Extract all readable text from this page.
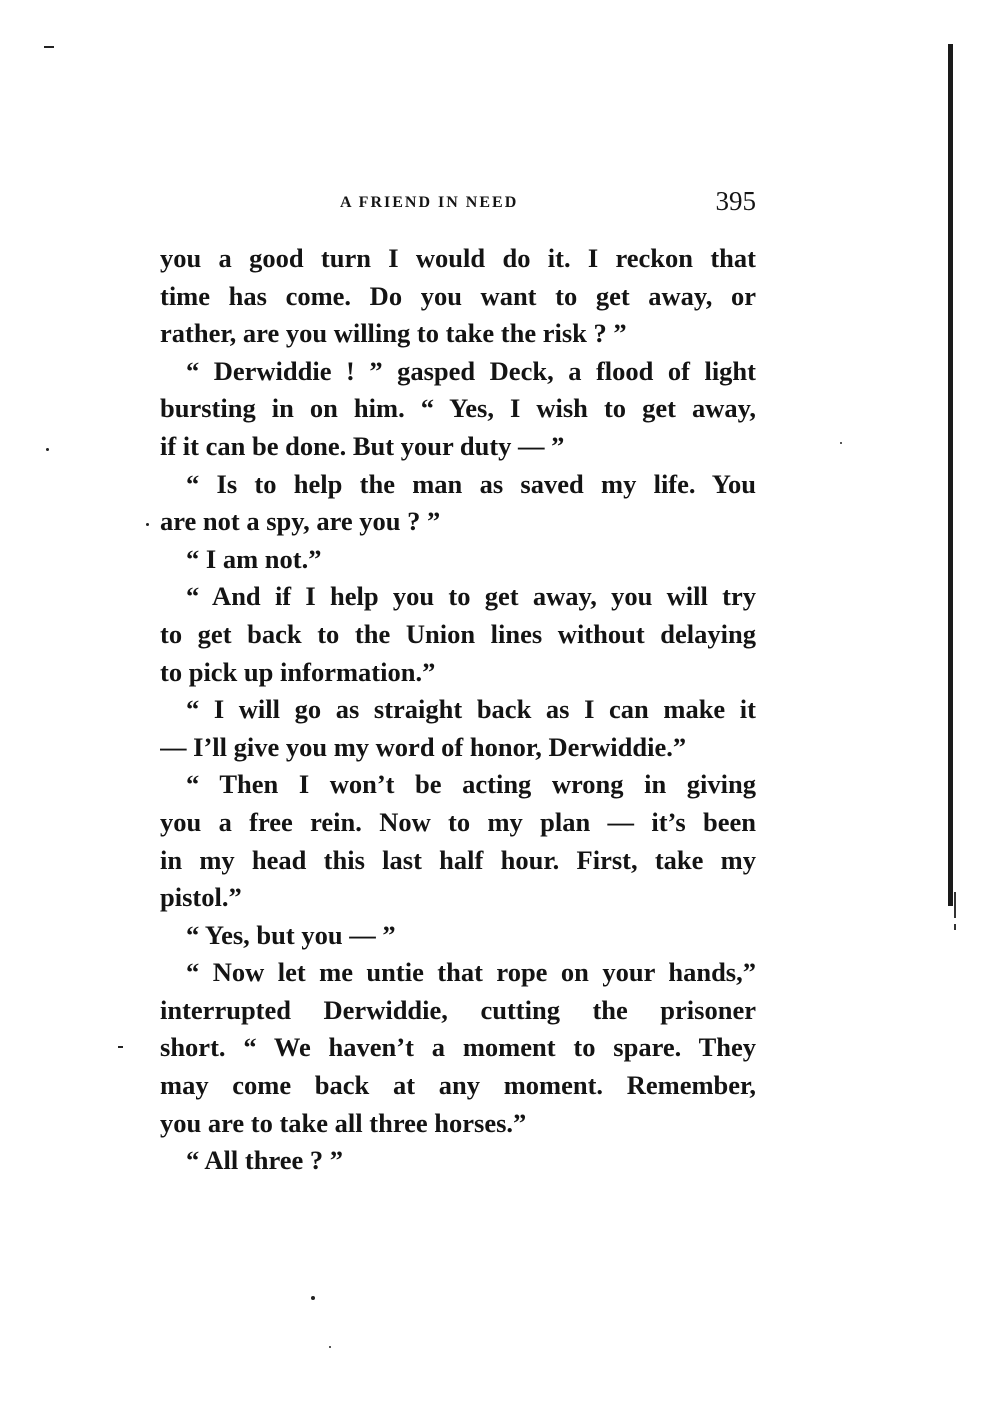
A FRIEND IN NEED	395
you a good turn I would do it. I reckon that
time has come. Do you want to get away, or
rather, are you willing to take the risk ? ”
“ Derwiddie ! ” gasped Deck, a flood of light
bursting in on him. “ Yes, I wish to get away,
if it can be done. But your duty — ”
“ Is to help the man as saved my life. You
are not a spy, are you ? ”
“ I am not.”
“ And if I help you to get away, you will try
to get back to the Union lines without delaying
to pick up information.”
“ I will go as straight back as I can make it
— I’ll give you my word of honor, Derwiddie.”
“ Then I won’t be acting wrong in giving
you a free rein. Now to my plan — it’s been
in my head this last half hour. First, take my
pistol.”
“ Yes, but you — ”
“ Now let me untie that rope on your hands,”
interrupted Derwiddie, cutting the prisoner
short. “ We haven’t a moment to spare. They
may come back at any moment. Remember,
you are to take all three horses.”
“ All three ? ”
